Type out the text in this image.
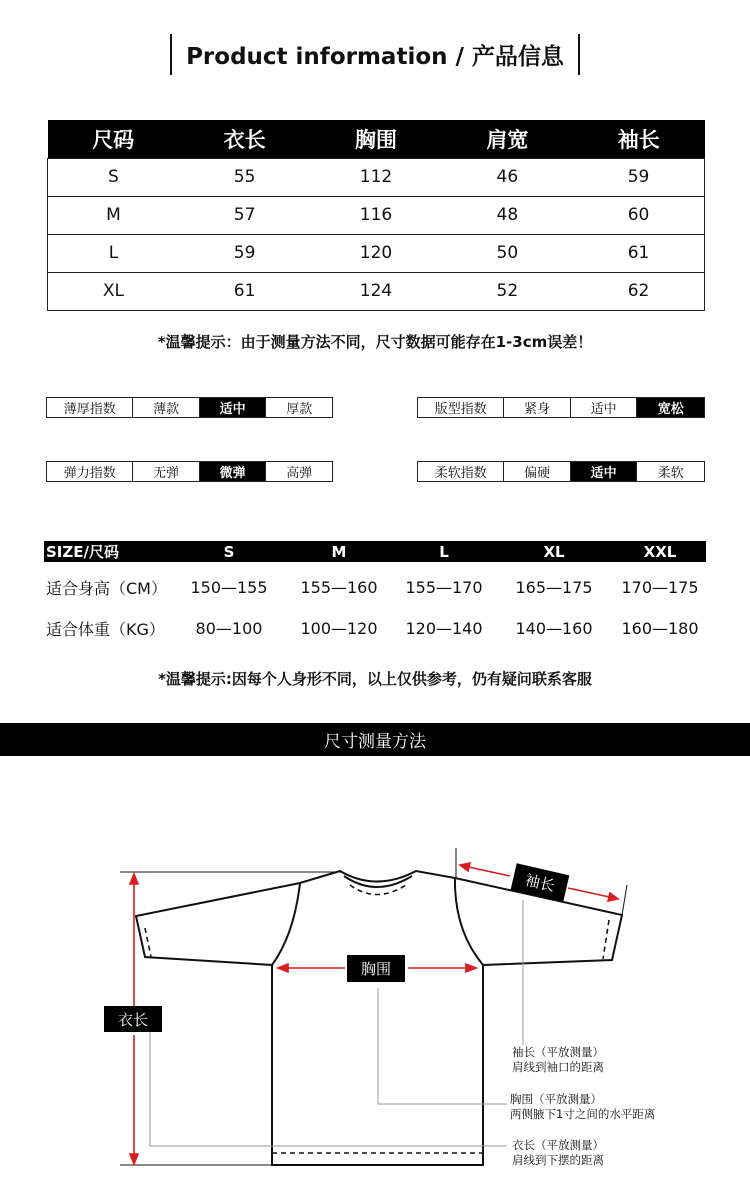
Product information / 产品信息
尺码	衣长	胸围	肩宽	袖长
S	55	112	46	59
M	57	116	48	60
L	59	120	50	61
XL	61	124	52	62
*温馨提示：由于测量方法不同，尺寸数据可能存在1-3cm误差！
薄厚指数	薄款	适中	厚款	版型指数	紧身	适中	宽松
弹力指数	无弹	微弹	高弹	柔软指数	偏硬	适中	柔软
SIZE/尺码	S	M	L	XL	XXL
适合身高（CM）	150—155	155—160	155—170	165—175	170—175
适合体重（KG）	80—100	100—120	120—140	140—160	160—180
*温馨提示:因每个人身形不同，以上仅供参考，仍有疑问联系客服
尺寸测量方法
袖长
胸围
衣长
袖长（平放测量）
肩线到袖口的距离
胸围（平放测量）
两侧腋下1寸之间的水平距离
衣长（平放测量）
肩线到下摆的距离
